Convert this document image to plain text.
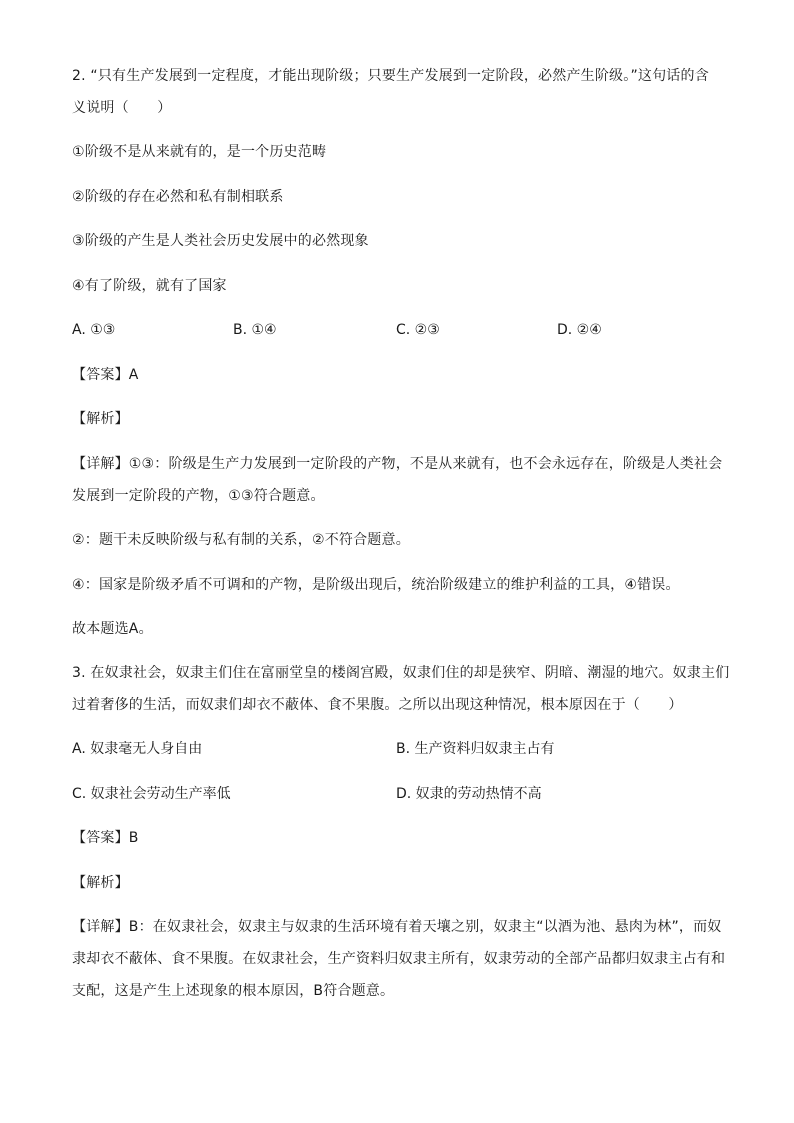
2. “只有生产发展到一定程度，才能出现阶级；只要生产发展到一定阶段，必然产生阶级。”这句话的含
义说明（　　）
①阶级不是从来就有的，是一个历史范畴
②阶级的存在必然和私有制相联系
③阶级的产生是人类社会历史发展中的必然现象
④有了阶级，就有了国家
A. ①③	B. ①④	C. ②③	D. ②④
【答案】A
【解析】
【详解】①③：阶级是生产力发展到一定阶段的产物，不是从来就有，也不会永远存在，阶级是人类社会
发展到一定阶段的产物，①③符合题意。
②：题干未反映阶级与私有制的关系，②不符合题意。
④：国家是阶级矛盾不可调和的产物，是阶级出现后，统治阶级建立的维护利益的工具，④错误。
故本题选A。
3. 在奴隶社会，奴隶主们住在富丽堂皇的楼阁宫殿，奴隶们住的却是狭窄、阴暗、潮湿的地穴。奴隶主们
过着奢侈的生活，而奴隶们却衣不蔽体、食不果腹。之所以出现这种情况，根本原因在于（　　）
A. 奴隶毫无人身自由	B. 生产资料归奴隶主占有
C. 奴隶社会劳动生产率低	D. 奴隶的劳动热情不高
【答案】B
【解析】
【详解】B：在奴隶社会，奴隶主与奴隶的生活环境有着天壤之别，奴隶主“以酒为池、悬肉为林”，而奴
隶却衣不蔽体、食不果腹。在奴隶社会，生产资料归奴隶主所有，奴隶劳动的全部产品都归奴隶主占有和
支配，这是产生上述现象的根本原因，B符合题意。
